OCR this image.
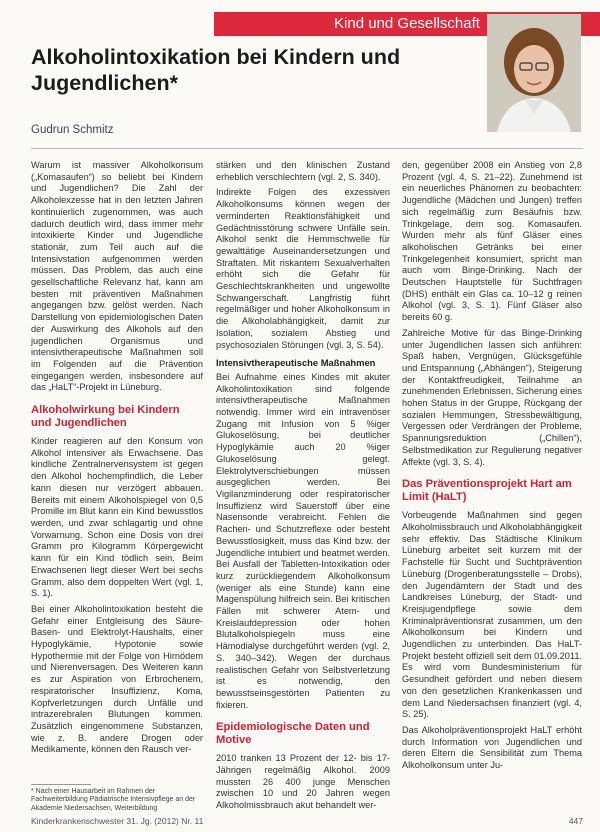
Kind und Gesellschaft
Alkoholintoxikation bei Kindern und Jugendlichen*
Gudrun Schmitz

Warum ist massiver Alkoholkonsum („Komasaufen“) so beliebt bei Kindern und Jugendlichen? Die Zahl der Alkoholexzesse hat in den letzten Jahren kontinuierlich zugenommen, was auch dadurch deutlich wird, dass immer mehr intoxikierte Kinder und Jugendliche stationär, zum Teil auch auf die Intensivstation aufgenommen werden müssen. Das Problem, das auch eine gesellschaftliche Relevanz hat, kann am besten mit präventiven Maßnahmen angegangen bzw. gelöst werden. Nach Darstellung von epidemiologischen Daten der Auswirkung des Alkohols auf den jugendlichen Organismus und intensivtherapeutische Maßnahmen soll im Folgenden auf die Prävention eingegangen werden, insbesondere auf das „HaLT“-Projekt in Lüneburg.

Alkoholwirkung bei Kindern und Jugendlichen

Kinder reagieren auf den Konsum von Alkohol intensiver als Erwachsene. Das kindliche Zentralnervensystem ist gegen den Alkohol hochempfindlich, die Leber kann diesen nur verzögert abbauen. Bereits mit einem Alkoholspiegel von 0,5 Promille im Blut kann ein Kind bewusstlos werden, und zwar schlagartig und ohne Vorwarnung. Schon eine Dosis von drei Gramm pro Kilogramm Körpergewicht kann für ein Kind tödlich sein. Beim Erwachsenen liegt dieser Wert bei sechs Gramm, also dem doppelten Wert (vgl. 1, S. 1).

Bei einer Alkoholintoxikation besteht die Gefahr einer Entgleisung des Säure-Basen- und Elektrolyt-Haushalts, einer Hypoglykämie, Hypotonie sowie Hypothermie mit der Folge von Hirnödem und Nierenversagen. Des Weiteren kann es zur Aspiration von Erbrochenem, respiratorischer Insuffizienz, Koma, Kopfverletzungen durch Unfälle und intrazerebralen Blutungen kommen. Zusätzlich eingenommene Substanzen, wie z. B. andere Drogen oder Medikamente, können den Rausch ver-

stärken und den klinischen Zustand erheblich verschlechtern (vgl. 2, S. 340).

Indirekte Folgen des exzessiven Alkoholkonsums können wegen der verminderten Reaktionsfähigkeit und Gedächtnisstörung schwere Unfälle sein. Alkohol senkt die Hemmschwelle für gewalttätige Auseinandersetzungen und Straftaten. Mit riskantem Sexualverhalten erhöht sich die Gefahr für Geschlechtskrankheiten und ungewollte Schwangerschaft. Langfristig führt regelmäßiger und hoher Alkoholkonsum in die Alkoholabhängigkeit, damit zur Isolation, sozialem Abstieg und psychosozialen Störungen (vgl. 3, S. 54).

Intensivtherapeutische Maßnahmen

Bei Aufnahme eines Kindes mit akuter Alkoholintoxikation sind folgende intensivtherapeutische Maßnahmen notwendig. Immer wird ein intravenöser Zugang mit Infusion von 5 %iger Glukoselösung, bei deutlicher Hypoglykämie auch 20 %iger Glukoselösung gelegt. Elektrolytverschiebungen müssen ausgeglichen werden. Bei Vigilanzminderung oder respiratorischer Insuffizienz wird Sauerstoff über eine Nasensonde verabreicht. Fehlen die Rachen- und Schutzreflexe oder besteht Bewusstlosigkeit, muss das Kind bzw. der Jugendliche intubiert und beatmet werden. Bei Ausfall der Tabletten-Intoxikation oder kurz zurückliegendem Alkoholkonsum (weniger als eine Stunde) kann eine Magenspülung hilfreich sein. Bei kritischen Fällen mit schwerer Atem- und Kreislaufdepression oder hohen Blutalkoholspiegeln muss eine Hämodialyse durchgeführt werden (vgl. 2, S. 340–342). Wegen der durchaus realistischen Gefahr von Selbstverletzung ist es notwendig, den bewusstseinsgestörten Patienten zu fixieren.

Epidemiologische Daten und Motive

2010 tranken 13 Prozent der 12- bis 17-Jährigen regelmäßig Alkohol. 2009 mussten 26 400 junge Menschen zwischen 10 und 20 Jahren wegen Alkoholmissbrauch akut behandelt wer-

den, gegenüber 2008 ein Anstieg von 2,8 Prozent (vgl. 4, S. 21–22). Zunehmend ist ein neuerliches Phänomen zu beobachten: Jugendliche (Mädchen und Jungen) treffen sich regelmäßig zum Besäufnis bzw. Trinkgelage, dem sog. Komasaufen. Wurden mehr als fünf Gläser eines alkoholischen Getränks bei einer Trinkgelegenheit konsumiert, spricht man auch vom Binge-Drinking. Nach der Deutschen Hauptstelle für Suchtfragen (DHS) enthält ein Glas ca. 10–12 g reinen Alkohol (vgl. 3, S. 1). Fünf Gläser also bereits 60 g.

Zahlreiche Motive für das Binge-Drinking unter Jugendlichen lassen sich anführen: Spaß haben, Vergnügen, Glücksgefühle und Entspannung („Abhängen“), Steigerung der Kontaktfreudigkeit, Teilnahme an zunehmenden Erlebnissen, Sicherung eines hohen Status in der Gruppe, Rückgang der sozialen Hemmungen, Stressbewältigung, Vergessen oder Verdrängen der Probleme, Spannungsreduktion („Chillen“), Selbstmedikation zur Regulierung negativer Affekte (vgl. 3, S. 4).

Das Präventionsprojekt Hart am Limit (HaLT)

Vorbeugende Maßnahmen sind gegen Alkoholmissbrauch und Alkoholabhängigkeit sehr effektiv. Das Städtische Klinikum Lüneburg arbeitet seit kurzem mit der Fachstelle für Sucht und Suchtprävention Lüneburg (Drogenberatungsstelle – Drobs), den Jugendämtern der Stadt und des Landkreises Lüneburg, der Stadt- und Kreisjugendpflege sowie dem Kriminalpräventionsrat zusammen, um den Alkoholkonsum bei Kindern und Jugendlichen zu unterbinden. Das HaLT-Projekt besteht offiziell seit dem 01.09.2011. Es wird vom Bundesministerium für Gesundheit gefördert und neben diesem von den gesetzlichen Krankenkassen und dem Land Niedersachsen finanziert (vgl. 4, S. 25).

Das Alkoholpräventionsprojekt HaLT erhöht durch Information von Jugendlichen und deren Eltern die Sensibilität zum Thema Alkoholkonsum unter Ju-

* Nach einer Hausarbeit im Rahmen der Fachweiterbildung Pädiatrische Intensivpflege an der Akademie Niedersachsen, Weiterbildung
Kinderkrankenschwester 31. Jg. (2012) Nr. 11	447
